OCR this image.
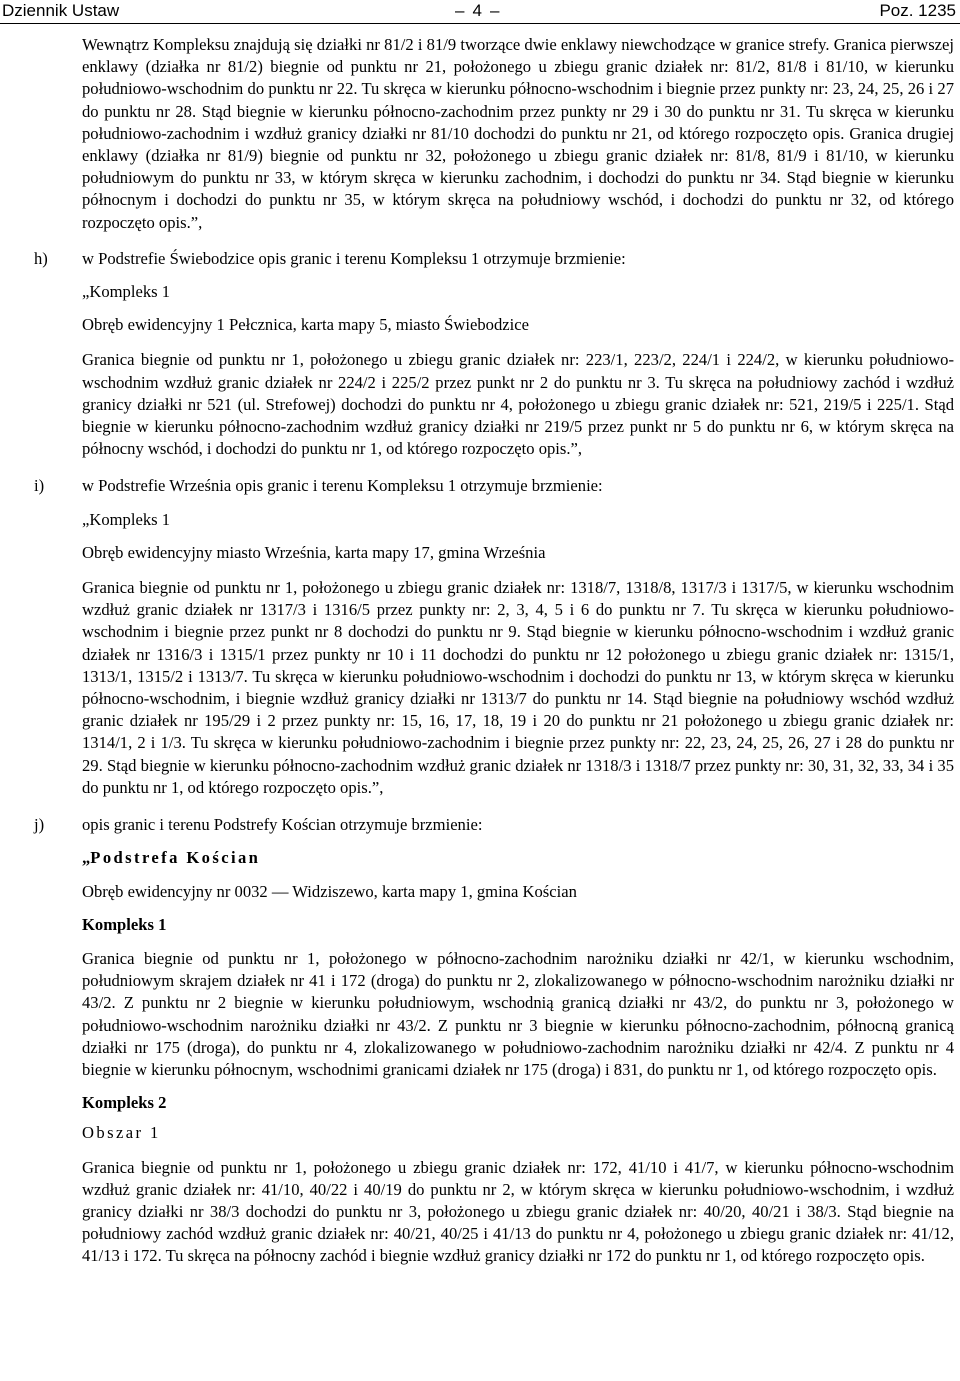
Dziennik Ustaw
–	4 –	Poz. 1235

Wewnątrz Kompleksu znajdują się działki nr 81/2 i 81/9 tworzące dwie enklawy niewchodzące w granice strefy. Granica pierwszej enklawy (działka nr 81/2) biegnie od punktu nr 21, położonego u zbiegu granic działek nr: 81/2, 81/8 i 81/10, w kierunku południowo-wschodnim do punktu nr 22. Tu skręca w kierunku północno-wschodnim i biegnie przez punkty nr: 23, 24, 25, 26 i 27 do punktu nr 28. Stąd biegnie w kierunku północno-zachodnim przez punkty nr 29 i 30 do punktu nr 31. Tu skręca w kierunku południowo-zachodnim i wzdłuż granicy działki nr 81/10 dochodzi do punktu nr 21, od którego rozpoczęto opis. Granica drugiej enklawy (działka nr 81/9) biegnie od punktu nr 32, położonego u zbiegu granic działek nr: 81/8, 81/9 i 81/10, w kierunku południowym do punktu nr 33, w którym skręca w kierunku zachodnim, i dochodzi do punktu nr 34. Stąd biegnie w kierunku północnym i dochodzi do punktu nr 35, w którym skręca na południowy wschód, i dochodzi do punktu nr 32, od którego rozpoczęto opis.”,

h) w Podstrefie Świebodzice opis granic i terenu Kompleksu 1 otrzymuje brzmienie:

„Kompleks 1

Obręb ewidencyjny 1 Pełcznica, karta mapy 5, miasto Świebodzice

Granica biegnie od punktu nr 1, położonego u zbiegu granic działek nr: 223/1, 223/2, 224/1 i 224/2, w kierunku południowo-wschodnim wzdłuż granic działek nr 224/2 i 225/2 przez punkt nr 2 do punktu nr 3. Tu skręca na południowy zachód i wzdłuż granicy działki nr 521 (ul. Strefowej) dochodzi do punktu nr 4, położonego u zbiegu granic działek nr: 521, 219/5 i 225/1. Stąd biegnie w kierunku północno-zachodnim wzdłuż granicy działki nr 219/5 przez punkt nr 5 do punktu nr 6, w którym skręca na północny wschód, i dochodzi do punktu nr 1, od którego rozpoczęto opis.”,

i) w Podstrefie Września opis granic i terenu Kompleksu 1 otrzymuje brzmienie:

„Kompleks 1

Obręb ewidencyjny miasto Września, karta mapy 17, gmina Września

Granica biegnie od punktu nr 1, położonego u zbiegu granic działek nr: 1318/7, 1318/8, 1317/3 i 1317/5, w kierunku wschodnim wzdłuż granic działek nr 1317/3 i 1316/5 przez punkty nr: 2, 3, 4, 5 i 6 do punktu nr 7. Tu skręca w kierunku południowo-wschodnim i biegnie przez punkt nr 8 dochodzi do punktu nr 9. Stąd biegnie w kierunku północno-wschodnim i wzdłuż granic działek nr 1316/3 i 1315/1 przez punkty nr 10 i 11 dochodzi do punktu nr 12 położonego u zbiegu granic działek nr: 1315/1, 1313/1, 1315/2 i 1313/7. Tu skręca w kierunku południowo-wschodnim i dochodzi do punktu nr 13, w którym skręca w kierunku północno-wschodnim, i biegnie wzdłuż granicy działki nr 1313/7 do punktu nr 14. Stąd biegnie na południowy wschód wzdłuż granic działek nr 195/29 i 2 przez punkty nr: 15, 16, 17, 18, 19 i 20 do punktu nr 21 położonego u zbiegu granic działek nr: 1314/1, 2 i 1/3. Tu skręca w kierunku południowo-zachodnim i biegnie przez punkty nr: 22, 23, 24, 25, 26, 27 i 28 do punktu nr 29. Stąd biegnie w kierunku północno-zachodnim wzdłuż granic działek nr 1318/3 i 1318/7 przez punkty nr: 30, 31, 32, 33, 34 i 35 do punktu nr 1, od którego rozpoczęto opis.”,

j) opis granic i terenu Podstrefy Kościan otrzymuje brzmienie:

„Podstrefa Kościan

Obręb ewidencyjny nr 0032 — Widziszewo, karta mapy 1, gmina Kościan

Kompleks 1

Granica biegnie od punktu nr 1, położonego w północno-zachodnim narożniku działki nr 42/1, w kierunku wschodnim, południowym skrajem działek nr 41 i 172 (droga) do punktu nr 2, zlokalizowanego w północno-wschodnim narożniku działki nr 43/2. Z punktu nr 2 biegnie w kierunku południowym, wschodnią granicą działki nr 43/2, do punktu nr 3, położonego w południowo-wschodnim narożniku działki nr 43/2. Z punktu nr 3 biegnie w kierunku północno-zachodnim, północną granicą działki nr 175 (droga), do punktu nr 4, zlokalizowanego w południowo-zachodnim narożniku działki nr 42/4. Z punktu nr 4 biegnie w kierunku północnym, wschodnimi granicami działek nr 175 (droga) i 831, do punktu nr 1, od którego rozpoczęto opis.

Kompleks 2

Obszar 1

Granica biegnie od punktu nr 1, położonego u zbiegu granic działek nr: 172, 41/10 i 41/7, w kierunku północno-wschodnim wzdłuż granic działek nr: 41/10, 40/22 i 40/19 do punktu nr 2, w którym skręca w kierunku południowo-wschodnim, i wzdłuż granicy działki nr 38/3 dochodzi do punktu nr 3, położonego u zbiegu granic działek nr: 40/20, 40/21 i 38/3. Stąd biegnie na południowy zachód wzdłuż granic działek nr: 40/21, 40/25 i 41/13 do punktu nr 4, położonego u zbiegu granic działek nr: 41/12, 41/13 i 172. Tu skręca na północny zachód i biegnie wzdłuż granicy działki nr 172 do punktu nr 1, od którego rozpoczęto opis.
